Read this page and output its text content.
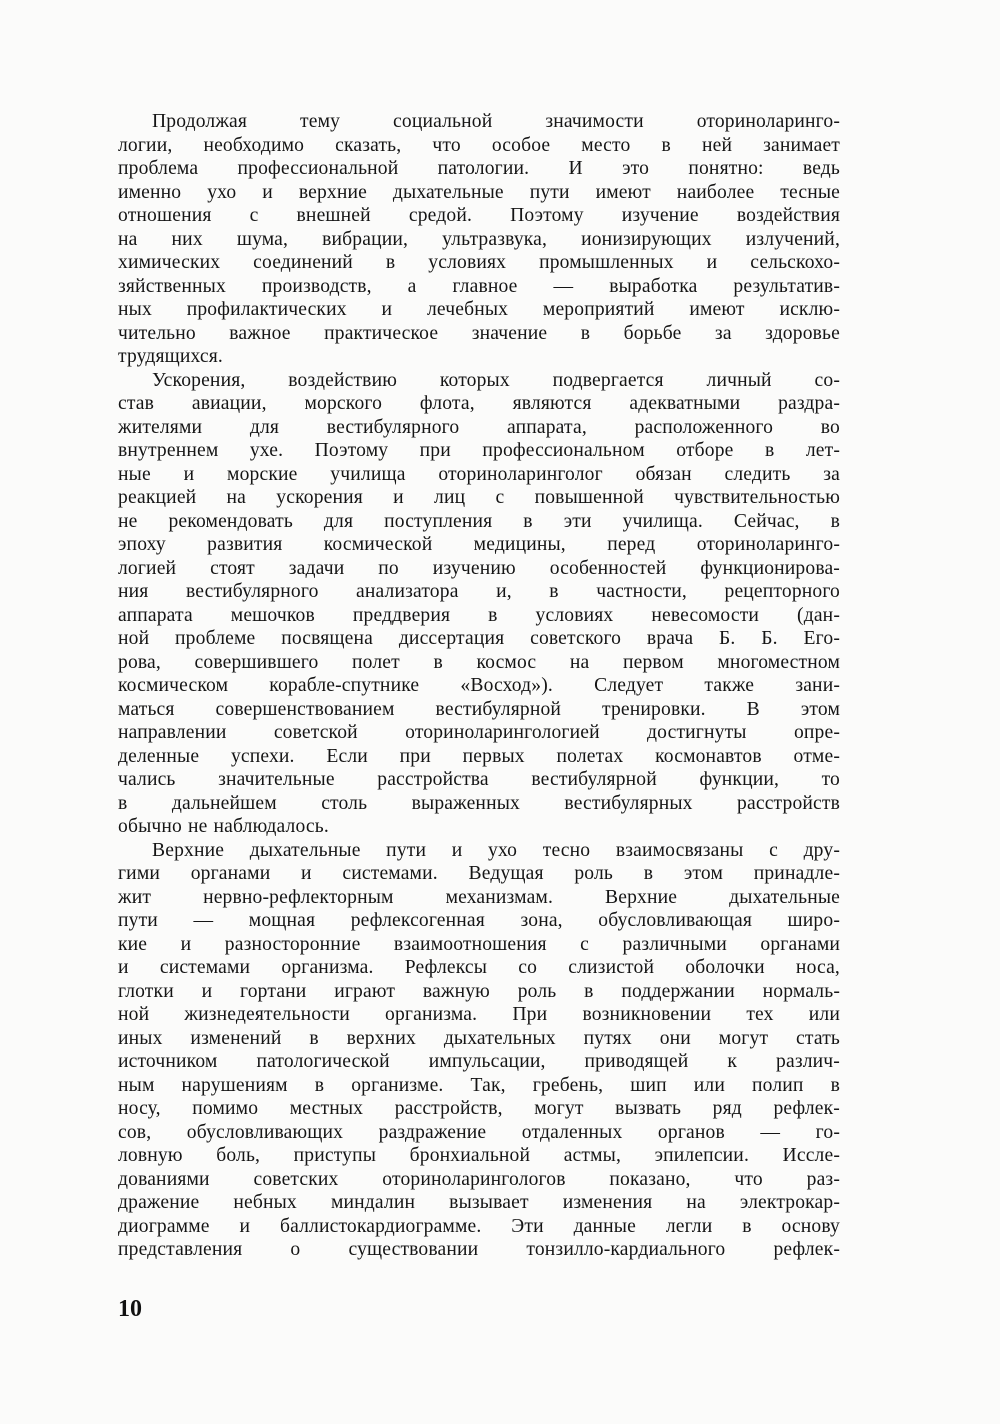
Продолжая тему социальной значимости оториноларинго-
логии, необходимо сказать, что особое место в ней занимает
проблема профессиональной патологии. И это понятно: ведь
именно ухо и верхние дыхательные пути имеют наиболее тесные
отношения с внешней средой. Поэтому изучение воздействия
на них шума, вибрации, ультразвука, ионизирующих излучений,
химических соединений в условиях промышленных и сельскохо-
зяйственных производств, а главное — выработка результатив-
ных профилактических и лечебных мероприятий имеют исклю-
чительно важное практическое значение в борьбе за здоровье
трудящихся.
Ускорения, воздействию которых подвергается личный со-
став авиации, морского флота, являются адекватными раздра-
жителями для вестибулярного аппарата, расположенного во
внутреннем ухе. Поэтому при профессиональном отборе в лет-
ные и морские училища оториноларинголог обязан следить за
реакцией на ускорения и лиц с повышенной чувствительностью
не рекомендовать для поступления в эти училища. Сейчас, в
эпоху развития космической медицины, перед оториноларинго-
логией стоят задачи по изучению особенностей функционирова-
ния вестибулярного анализатора и, в частности, рецепторного
аппарата мешочков преддверия в условиях невесомости (дан-
ной проблеме посвящена диссертация советского врача Б. Б. Его-
рова, совершившего полет в космос на первом многоместном
космическом корабле-спутнике «Восход»). Следует также зани-
маться совершенствованием вестибулярной тренировки. В этом
направлении советской оториноларингологией достигнуты опре-
деленные успехи. Если при первых полетах космонавтов отме-
чались значительные расстройства вестибулярной функции, то
в дальнейшем столь выраженных вестибулярных расстройств
обычно не наблюдалось.
Верхние дыхательные пути и ухо тесно взаимосвязаны с дру-
гими органами и системами. Ведущая роль в этом принадле-
жит нервно-рефлекторным механизмам. Верхние дыхательные
пути — мощная рефлексогенная зона, обусловливающая широ-
кие и разносторонние взаимоотношения с различными органами
и системами организма. Рефлексы со слизистой оболочки носа,
глотки и гортани играют важную роль в поддержании нормаль-
ной жизнедеятельности организма. При возникновении тех или
иных изменений в верхних дыхательных путях они могут стать
источником патологической импульсации, приводящей к различ-
ным нарушениям в организме. Так, гребень, шип или полип в
носу, помимо местных расстройств, могут вызвать ряд рефлек-
сов, обусловливающих раздражение отдаленных органов — го-
ловную боль, приступы бронхиальной астмы, эпилепсии. Иссле-
дованиями советских оториноларингологов показано, что раз-
дражение небных миндалин вызывает изменения на электрокар-
диограмме и баллистокардиограмме. Эти данные легли в основу
представления о существовании тонзилло-кардиального рефлек-
10
